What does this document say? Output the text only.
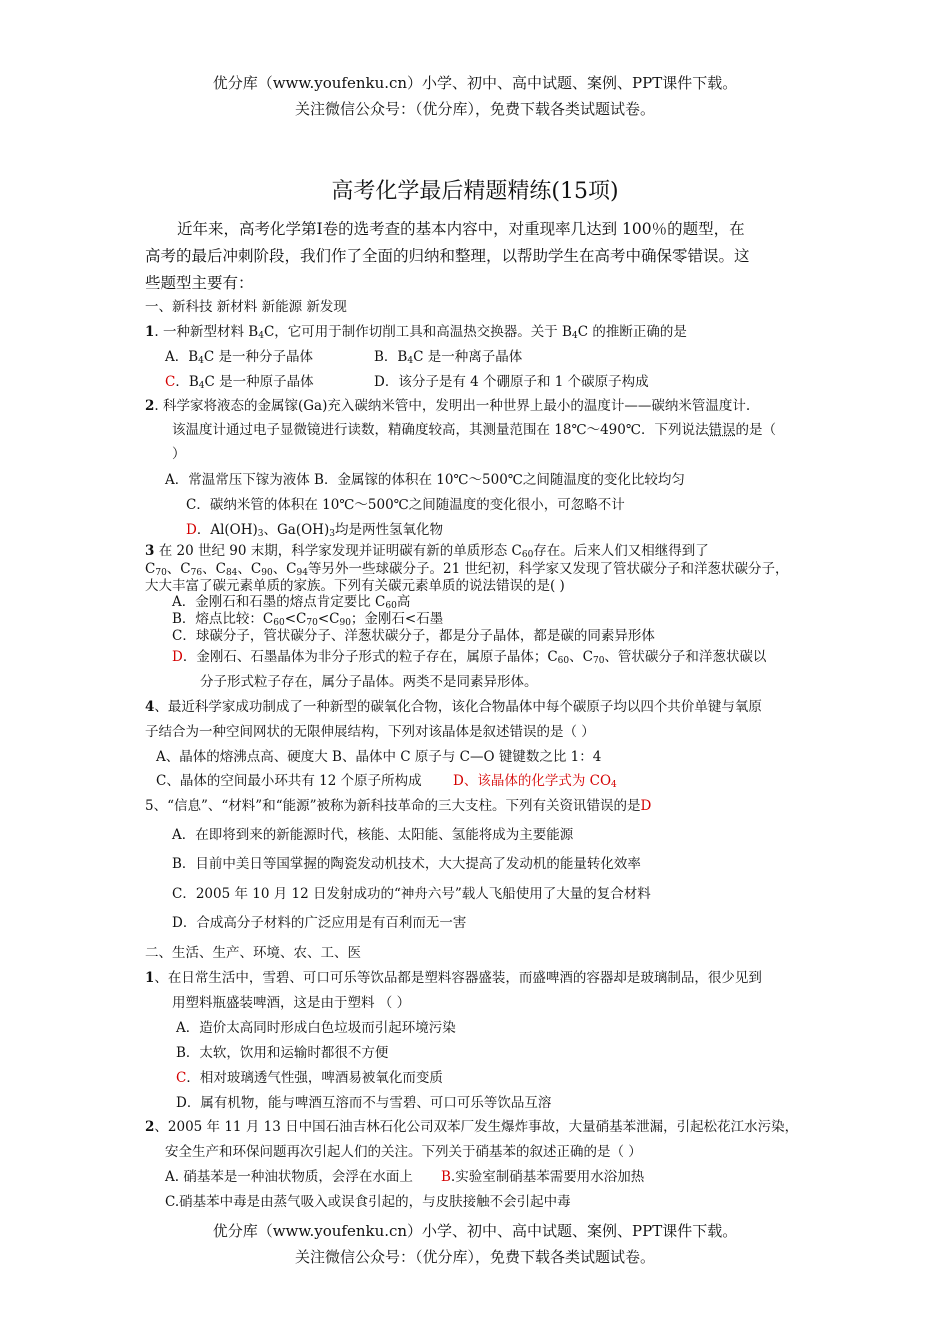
优分库（www.youfenku.cn）小学、初中、高中试题、案例、PPT课件下载。
关注微信公众号：（优分库），免费下载各类试题试卷。
高考化学最后精题精练(15项)
近年来，高考化学第Ⅰ卷的选考查的基本内容中，对重现率几达到 100％的题型，在
高考的最后冲刺阶段，我们作了全面的归纳和整理，以帮助学生在高考中确保零错误。这
些题型主要有：
一、新科技 新材料 新能源 新发现
1. 一种新型材料 $B_4C$，它可用于制作切削工具和高温热交换器。关于 $B_4C$ 的推断正确的是
A．$B_4C$ 是一种分子晶体	B．$B_4C$ 是一种离子晶体
C．$B_4C$ 是一种原子晶体	D．该分子是有 4 个硼原子和 1 个碳原子构成
2. 科学家将液态的金属镓(Ga)充入碳纳米管中，发明出一种世界上最小的温度计——碳纳米管温度计.
该温度计通过电子显微镜进行读数，精确度较高，其测量范围在 18℃～490℃．下列说法错误的是（
）
A．常温常压下镓为液体 B．金属镓的体积在 10℃～500℃之间随温度的变化比较均匀
C．碳纳米管的体积在 10℃～500℃之间随温度的变化很小，可忽略不计
D．$Al(OH)_3$、$Ga(OH)_3$均是两性氢氧化物
3 在 20 世纪 90 末期，科学家发现并证明碳有新的单质形态 $C_{60}$存在。后来人们又相继得到了
$C_{70}$、$C_{76}$、$C_{84}$、$C_{90}$、$C_{94}$等另外一些球碳分子。21 世纪初，科学家又发现了管状碳分子和洋葱状碳分子，
大大丰富了碳元素单质的家族。下列有关碳元素单质的说法错误的是( )
A．金刚石和石墨的熔点肯定要比 $C_{60}$高
B．熔点比较：$C_{60}<C_{70}<C_{90}$；金刚石<石墨
C．球碳分子，管状碳分子、洋葱状碳分子，都是分子晶体，都是碳的同素异形体
D．金刚石、石墨晶体为非分子形式的粒子存在，属原子晶体；$C_{60}$、$C_{70}$、管状碳分子和洋葱状碳以
分子形式粒子存在，属分子晶体。两类不是同素异形体。
4、最近科学家成功制成了一种新型的碳氧化合物，该化合物晶体中每个碳原子均以四个共价单键与氧原
子结合为一种空间网状的无限伸展结构，下列对该晶体是叙述错误的是（ ）
A、晶体的熔沸点高、硬度大 B、晶体中 C 原子与 C—O 键键数之比 1：4
C、晶体的空间最小环共有 12 个原子所构成 D、该晶体的化学式为 $CO_4$
5、“信息”、“材料”和“能源”被称为新科技革命的三大支柱。下列有关资讯错误的是D
A．在即将到来的新能源时代，核能、太阳能、氢能将成为主要能源
B．目前中美日等国掌握的陶瓷发动机技术，大大提高了发动机的能量转化效率
C．2005 年 10 月 12 日发射成功的“神舟六号”载人飞船使用了大量的复合材料
D．合成高分子材料的广泛应用是有百利而无一害
二、生活、生产、环境、农、工、医
1、在日常生活中，雪碧、可口可乐等饮品都是塑料容器盛装，而盛啤酒的容器却是玻璃制品，很少见到
用塑料瓶盛装啤酒，这是由于塑料 （ ）
A．造价太高同时形成白色垃圾而引起环境污染
B．太软，饮用和运输时都很不方便
C．相对玻璃透气性强，啤酒易被氧化而变质
D．属有机物，能与啤酒互溶而不与雪碧、可口可乐等饮品互溶
2、2005 年 11 月 13 日中国石油吉林石化公司双苯厂发生爆炸事故，大量硝基苯泄漏，引起松花江水污染，
安全生产和环保问题再次引起人们的关注。下列关于硝基苯的叙述正确的是（ ）
A. 硝基苯是一种油状物质，会浮在水面上 B.实验室制硝基苯需要用水浴加热
C.硝基苯中毒是由蒸气吸入或误食引起的，与皮肤接触不会引起中毒
优分库（www.youfenku.cn）小学、初中、高中试题、案例、PPT课件下载。
关注微信公众号：（优分库），免费下载各类试题试卷。
